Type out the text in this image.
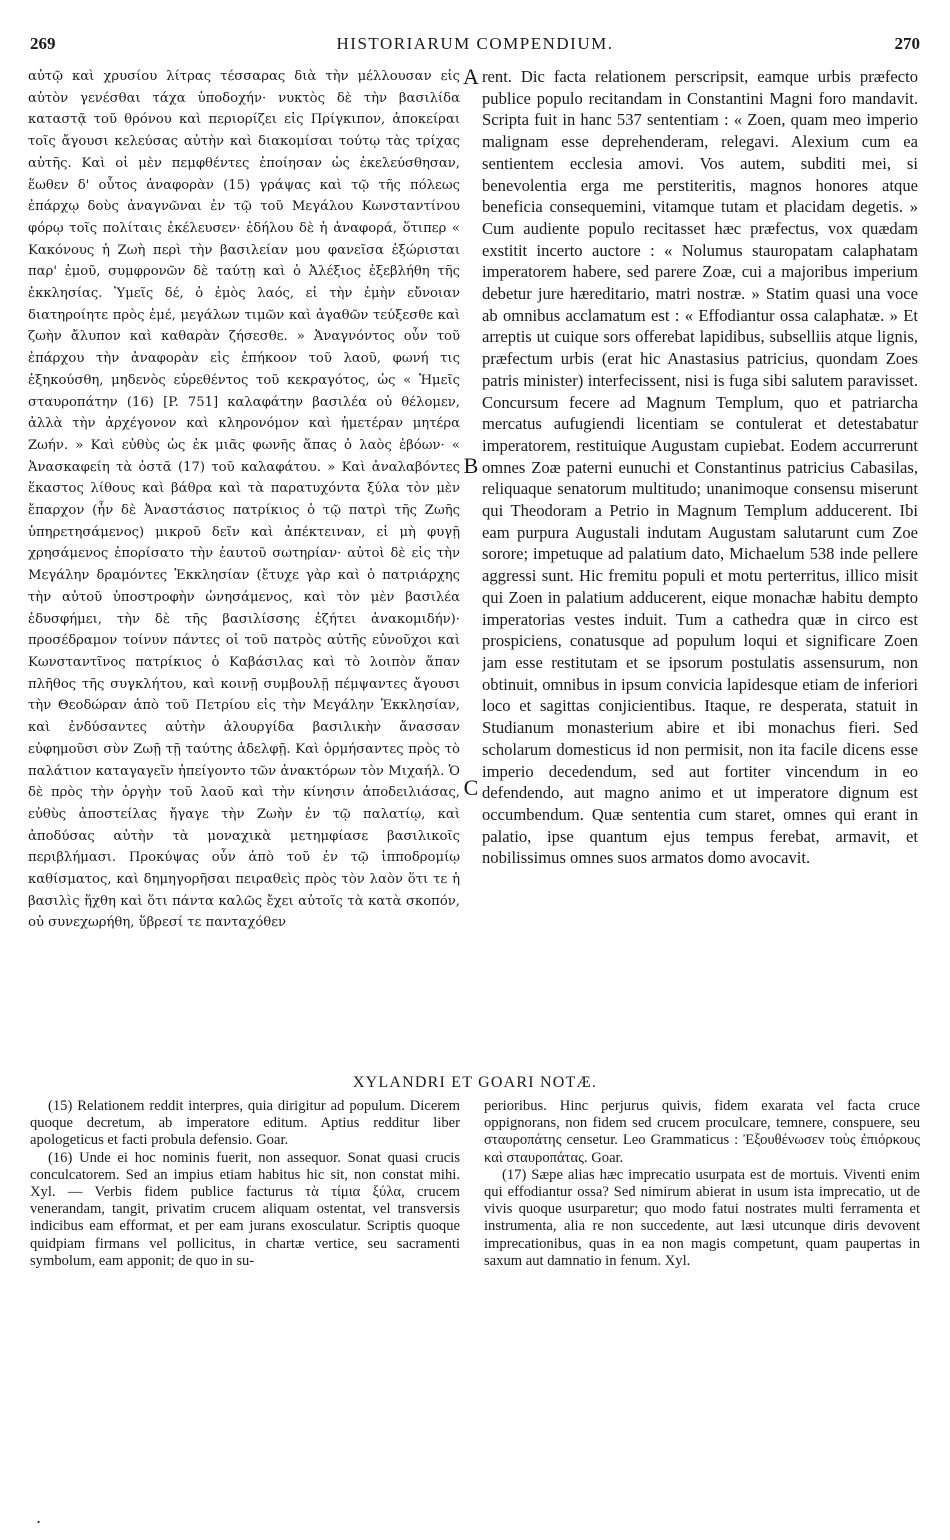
269	HISTORIARUM COMPENDIUM.	270

αὐτῷ καὶ χρυσίου λίτρας τέσσαρας διὰ τὴν μέλλουσαν εἰς αὐτὸν γενέσθαι τάχα ὑποδοχήν· νυκτὸς δὲ τὴν βασιλίδα καταστᾷ τοῦ θρόνου καὶ περιορίζει εἰς Πρίγκιπον, ἀποκείραι τοῖς ἄγουσι κελεύσας αὐτὴν καὶ διακομίσαι τούτῳ τὰς τρίχας αὐτῆς. Καὶ οἱ μὲν πεμφθέντες ἐποίησαν ὡς ἐκελεύσθησαν, ἕωθεν δ' οὗτος ἀναφορὰν (15) γράψας καὶ τῷ τῆς πόλεως ἐπάρχῳ δοὺς ἀναγνῶναι ἐν τῷ τοῦ Μεγάλου Κωνσταντίνου φόρῳ τοῖς πολίταις ἐκέλευσεν· ἐδήλου δὲ ἡ ἀναφορά, ὅτιπερ « Κακόνους ἡ Ζωὴ περὶ τὴν βασιλείαν μου φανεῖσα ἐξώρισται παρ' ἐμοῦ, συμφρονῶν δὲ ταύτῃ καὶ ὁ Ἀλέξιος ἐξεβλήθη τῆς ἐκκλησίας. Ὑμεῖς δέ, ὁ ἐμὸς λαός, εἰ τὴν ἐμὴν εὔνοιαν διατηρoίητε πρὸς ἐμέ, μεγάλων τιμῶν καὶ ἀγαθῶν τεύξεσθε καὶ ζωὴν ἄλυπον καὶ καθαρὰν ζήσεσθε. » Ἀναγνόντος οὖν τοῦ ἐπάρχου τὴν ἀναφορὰν εἰς ἐπήκοον τοῦ λαοῦ, φωνή τις ἐξηκούσθη, μηδενὸς εὑρεθέντος τοῦ κεκραγότος, ὡς « Ἡμεῖς σταυροπάτην (16) [P. 751] καλαφάτην βασιλέα οὐ θέλομεν, ἀλλὰ τὴν ἀρχέγονον καὶ κληρονόμον καὶ ἡμετέραν μητέρα Ζωήν. » Καὶ εὐθὺς ὡς ἐκ μιᾶς φωνῆς ἅπας ὁ λαὸς ἐβόων· « Ἀνασκαφείη τὰ ὀστᾶ (17) τοῦ καλαφάτου. » Καὶ ἀναλαβόντες ἕκαστος λίθους καὶ βάθρα καὶ τὰ παρατυχόντα ξύλα τὸν μὲν ἔπαρχον (ἦν δὲ Ἀναστάσιος πατρίκιος ὁ τῷ πατρὶ τῆς Ζωῆς ὑπηρετησάμενος) μικροῦ δεῖν καὶ ἀπέκτειναν, εἰ μὴ φυγῇ χρησάμενος ἐπορίσατο τὴν ἑαυτοῦ σωτηρίαν· αὐτοὶ δὲ εἰς τὴν Μεγάλην δραμόντες Ἐκκλησίαν (ἔτυχε γὰρ καὶ ὁ πατριάρχης τὴν αὐτοῦ ὑποστροφὴν ὠνησάμενος, καὶ τὸν μὲν βασιλέα ἐδυσφήμει, τὴν δὲ τῆς βασιλίσσης ἐζήτει ἀνακομιδήν)· προσέδραμον τοίνυν πάντες οἱ τοῦ πατρὸς αὐτῆς εὐνοῦχοι καὶ Κωνσταντῖνος πατρίκιος ὁ Καβάσιλας καὶ τὸ λοιπὸν ἅπαν πλῆθος τῆς συγκλήτου, καὶ κοινῇ συμβουλῇ πέμψαντες ἄγουσι τὴν Θεοδώραν ἀπὸ τοῦ Πετρίου εἰς τὴν Μεγάλην Ἐκκλησίαν, καὶ ἐνδύσαντες αὐτὴν ἁλουργίδα βασιλικὴν ἄνασσαν εὐφημοῦσι σὺν Ζωῇ τῇ ταύτης ἀδελφῇ. Καὶ ὁρμήσαντες πρὸς τὸ παλάτιον καταγαγεῖν ἠπείγοντο τῶν ἀνακτόρων τὸν Μιχαήλ. Ὁ δὲ πρὸς τὴν ὀργὴν τοῦ λαοῦ καὶ τὴν κίνησιν ἀποδειλιάσας, εὐθὺς ἀποστείλας ἤγαγε τὴν Ζωὴν ἐν τῷ παλατίῳ, καὶ ἀποδύσας αὐτὴν τὰ μοναχικὰ μετημφίασε βασιλικοῖς περιβλήμασι. Προκύψας οὖν ἀπὸ τοῦ ἐν τῷ ἱπποδρομίῳ καθίσματος, καὶ δημηγορῆσαι πειραθεὶς πρὸς τὸν λαὸν ὅτι τε ἡ βασιλὶς ἥχθη καὶ ὅτι πάντα καλῶς ἔχει αὐτοῖς τὰ κατὰ σκοπόν, οὐ συνεχωρήθη, ὕβρεσί τε πανταχόθεν

A
B
C

rent. Dic facta relationem perscripsit, eamque urbis præfecto publice populo recitandam in Constantini Magni foro mandavit. Scripta fuit in hanc 537 sententiam : « Zoen, quam meo imperio malignam esse deprehenderam, relegavi. Alexium cum ea sentientem ecclesia amovi. Vos autem, subditi mei, si benevolentia erga me perstiteritis, magnos honores atque beneficia consequemini, vitamque tutam et placidam degetis. » Cum audiente populo recitasset hæc præfectus, vox quædam exstitit incerto auctore : « Nolumus stauropatam calaphatam imperatorem habere, sed parere Zoæ, cui a majoribus imperium debetur jure hæreditario, matri nostræ. » Statim quasi una voce ab omnibus acclamatum est : « Effodiantur ossa calaphatæ. » Et arreptis ut cuique sors offerebat lapidibus, subselliis atque lignis, præfectum urbis (erat hic Anastasius patricius, quondam Zoes patris minister) interfecissent, nisi is fuga sibi salutem paravisset. Concursum fecere ad Magnum Templum, quo et patriarcha mercatus aufugiendi licentiam se contulerat et detestabatur imperatorem, restituique Augustam cupiebat. Eodem accurrerunt omnes Zoæ paterni eunuchi et Constantinus patricius Cabasilas, reliquaque senatorum multitudo; unanimoque consensu miserunt qui Theodoram a Petrio in Magnum Templum adducerent. Ibi eam purpura Augustali indutam Augustam salutarunt cum Zoe sorore; impetuque ad palatium dato, Michaelum 538 inde pellere aggressi sunt. Hic fremitu populi et motu perterritus, illico misit qui Zoen in palatium adducerent, eique monachæ habitu dempto imperatorias vestes induit. Tum a cathedra quæ in circo est prospiciens, conatusque ad populum loqui et significare Zoen jam esse restitutam et se ipsorum postulatis assensurum, non obtinuit, omnibus in ipsum convicia lapidesque etiam de inferiori loco et sagittas conjicientibus. Itaque, re desperata, statuit in Studianum monasterium abire et ibi monachus fieri. Sed scholarum domesticus id non permisit, non ita facile dicens esse imperio decedendum, sed aut fortiter vincendum in eo defendendo, aut magno animo et ut imperatore dignum est occumbendum. Quæ sententia cum staret, omnes qui erant in palatio, ipse quantum ejus tempus ferebat, armavit, et nobilissimus omnes suos armatos domo avocavit.

XYLANDRI ET GOARI NOTÆ.

(15) Relationem reddit interpres, quia dirigitur ad populum. Dicerem quoque decretum, ab imperatore editum. Aptius redditur liber apologeticus et facti probula defensio. Goar.

(16) Unde ei hoc nominis fuerit, non assequor. Sonat quasi crucis conculcatorem. Sed an impius etiam habitus hic sit, non constat mihi. Xyl. — Verbis fidem publice facturus τὰ τίμια ξύλα, crucem venerandam, tangit, privatim crucem aliquam ostentat, vel transversis indicibus eam efformat, et per eam jurans exosculatur. Scriptis quoque quidpiam firmans vel pollicitus, in chartæ vertice, seu sacramenti symbolum, eam apponit; de quo in su-

perioribus. Hinc perjurus quivis, fidem exarata vel facta cruce oppignorans, non fidem sed crucem proculcare, temnere, conspuere, seu σταυροπάτης censetur. Leo Grammaticus : Ἐξουθένωσεν τοὺς ἐπιόρκους καὶ σταυροπάτας. Goar.

(17) Sæpe alias hæc imprecatio usurpata est de mortuis. Viventi enim qui effodiantur ossa? Sed nimirum abierat in usum ista imprecatio, ut de vivis quoque usurparetur; quo modo fatui nostrates multi ferramenta et instrumenta, alia re non succedente, aut læsi utcunque diris devovent imprecationibus, quas in ea non magis competunt, quam paupertas in saxum aut damnatio in fenum. Xyl.

.
